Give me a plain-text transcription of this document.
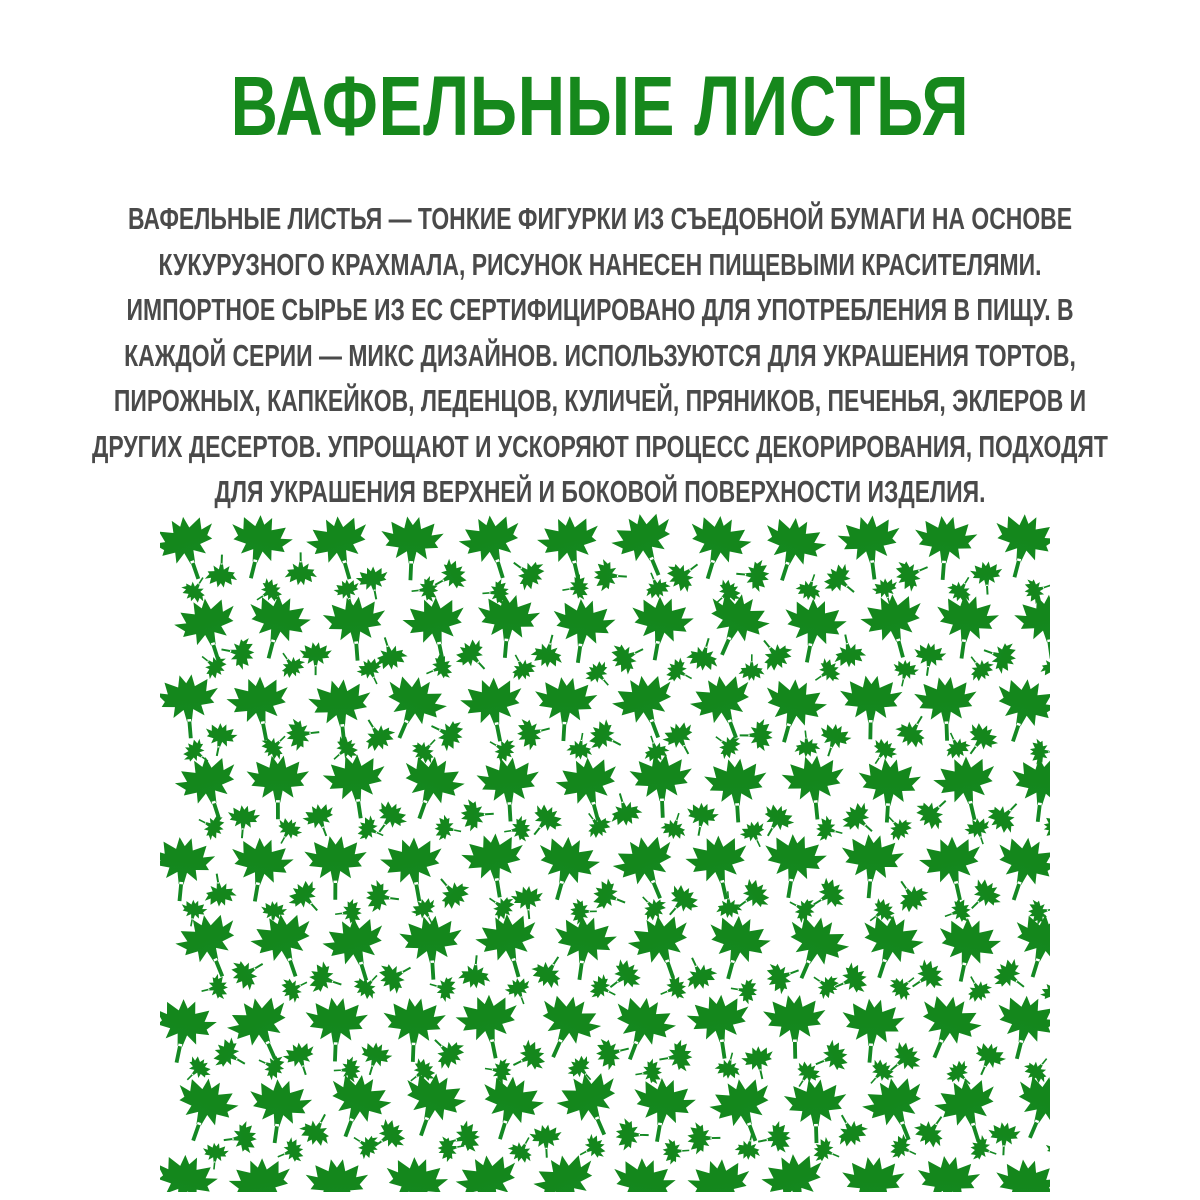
ВАФЕЛЬНЫЕ ЛИСТЬЯ

ВАФЕЛЬНЫЕ ЛИСТЬЯ — ТОНКИЕ ФИГУРКИ ИЗ СЪЕДОБНОЙ БУМАГИ НА ОСНОВЕ КУКУРУЗНОГО КРАХМАЛА, РИСУНОК НАНЕСЕН ПИЩЕВЫМИ КРАСИТЕЛЯМИ. ИМПОРТНОЕ СЫРЬЕ ИЗ ЕС СЕРТИФИЦИРОВАНО ДЛЯ УПОТРЕБЛЕНИЯ В ПИЩУ. В КАЖДОЙ СЕРИИ — МИКС ДИЗАЙНОВ. ИСПОЛЬЗУЮТСЯ ДЛЯ УКРАШЕНИЯ ТОРТОВ, ПИРОЖНЫХ, КАПКЕЙКОВ, ЛЕДЕНЦОВ, КУЛИЧЕЙ, ПРЯНИКОВ, ПЕЧЕНЬЯ, ЭКЛЕРОВ И ДРУГИХ ДЕСЕРТОВ. УПРОЩАЮТ И УСКОРЯЮТ ПРОЦЕСС ДЕКОРИРОВАНИЯ, ПОДХОДЯТ ДЛЯ УКРАШЕНИЯ ВЕРХНЕЙ И БОКОВОЙ ПОВЕРХНОСТИ ИЗДЕЛИЯ.
